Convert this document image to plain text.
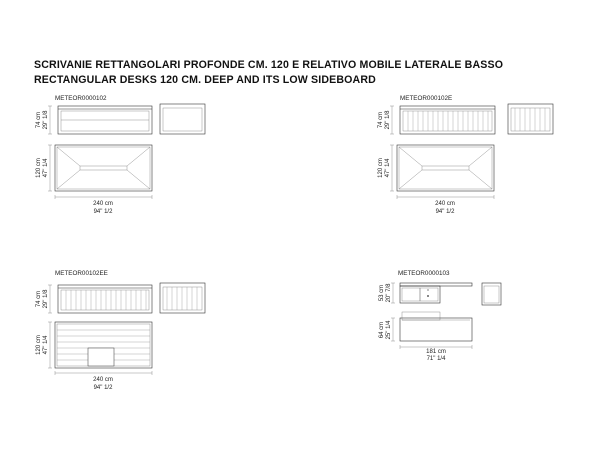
SCRIVANIE RETTANGOLARI PROFONDE CM. 120 E RELATIVO MOBILE LATERALE BASSO
RECTANGULAR DESKS 120 CM. DEEP AND ITS LOW SIDEBOARD
METEOR0000102
74 cm 29" 1/8
120 cm 47" 1/4
240 cm
94" 1/2
METEOR000102E
74 cm 29" 1/8
120 cm 47" 1/4
240 cm
94" 1/2
METEOR00102EE
74 cm 29" 1/8
120 cm 47" 1/4
240 cm
94" 1/2
METEOR0000103
53 cm 20" 7/8
64 cm 25" 1/4
181 cm
71" 1/4
